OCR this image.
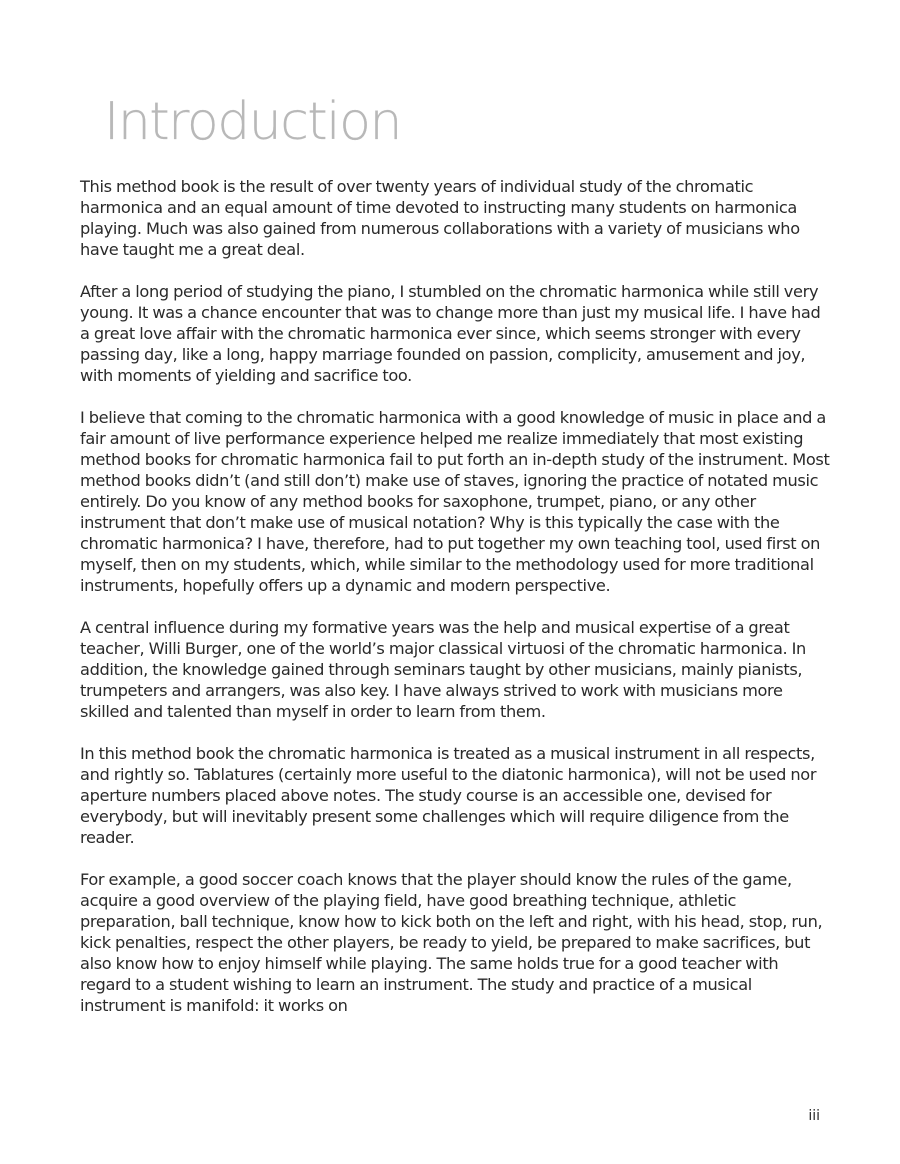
Introduction

This method book is the result of over twenty years of individual study of the chromatic harmonica and an equal amount of time devoted to instructing many students on harmonica playing. Much was also gained from numerous collaborations with a variety of musicians who have taught me a great deal.

After a long period of studying the piano, I stumbled on the chromatic harmonica while still very young. It was a chance encounter that was to change more than just my musical life. I have had a great love affair with the chromatic harmonica ever since, which seems stronger with every passing day, like a long, happy marriage founded on passion, complicity, amusement and joy, with moments of yielding and sacrifice too.

I believe that coming to the chromatic harmonica with a good knowledge of music in place and a fair amount of live performance experience helped me realize immediately that most existing method books for chromatic harmonica fail to put forth an in-depth study of the instrument. Most method books didn’t (and still don’t) make use of staves, ignoring the practice of notated music entirely. Do you know of any method books for saxophone, trumpet, piano, or any other instrument that don’t make use of musical notation? Why is this typically the case with the chromatic harmonica? I have, therefore, had to put together my own teaching tool, used first on myself, then on my students, which, while similar to the methodology used for more traditional instruments, hopefully offers up a dynamic and modern perspective.

A central influence during my formative years was the help and musical expertise of a great teacher, Willi Burger, one of the world’s major classical virtuosi of the chromatic harmonica. In addition, the knowledge gained through seminars taught by other musicians, mainly pianists, trumpeters and arrangers, was also key. I have always strived to work with musicians more skilled and talented than myself in order to learn from them.

In this method book the chromatic harmonica is treated as a musical instrument in all respects, and rightly so. Tablatures (certainly more useful to the diatonic harmonica), will not be used nor aperture numbers placed above notes. The study course is an accessible one, devised for everybody, but will inevitably present some challenges which will require diligence from the reader.

For example, a good soccer coach knows that the player should know the rules of the game, acquire a good overview of the playing field, have good breathing technique, athletic preparation, ball technique, know how to kick both on the left and right, with his head, stop, run, kick penalties, respect the other players, be ready to yield, be prepared to make sacrifices, but also know how to enjoy himself while playing. The same holds true for a good teacher with regard to a student wishing to learn an instrument. The study and practice of a musical instrument is manifold: it works on

iii
